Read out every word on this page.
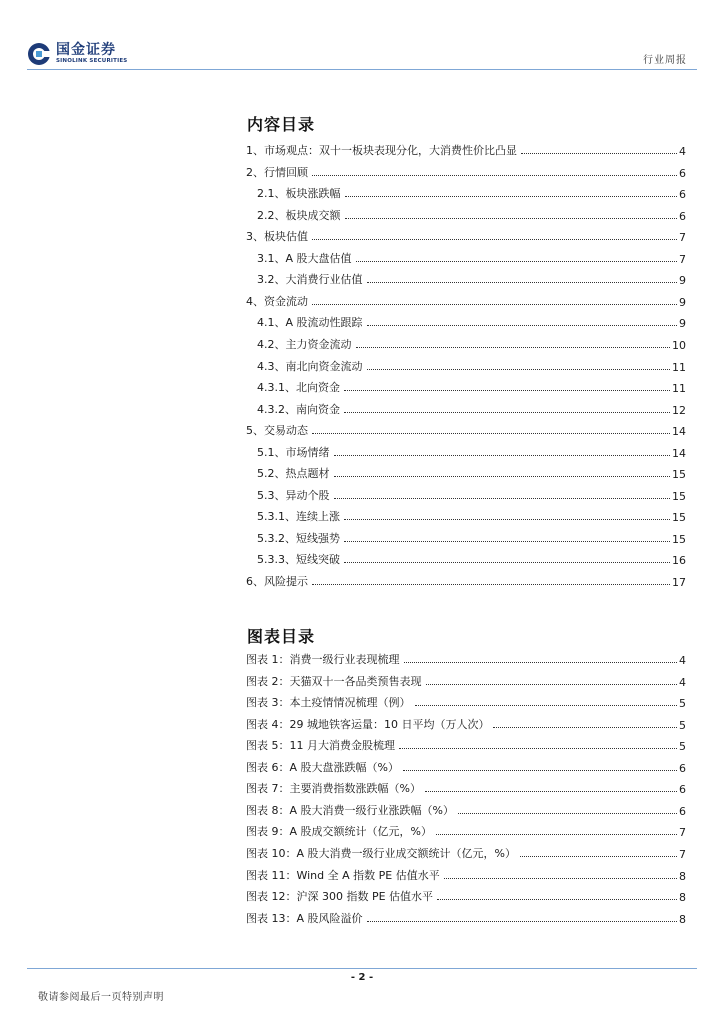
国金证券
SINOLINK SECURITIES	行业周报
内容目录
1、市场观点：双十一板块表现分化，大消费性价比凸显	4
2、行情回顾	6
2.1、板块涨跌幅	6
2.2、板块成交额	6
3、板块估值	7
3.1、A 股大盘估值	7
3.2、大消费行业估值	9
4、资金流动	9
4.1、A 股流动性跟踪	9
4.2、主力资金流动	10
4.3、南北向资金流动	11
4.3.1、北向资金	11
4.3.2、南向资金	12
5、交易动态	14
5.1、市场情绪	14
5.2、热点题材	15
5.3、异动个股	15
5.3.1、连续上涨	15
5.3.2、短线强势	15
5.3.3、短线突破	16
6、风险提示	17
图表目录
图表 1：消费一级行业表现梳理	4
图表 2：天猫双十一各品类预售表现	4
图表 3：本土疫情情况梳理（例）	5
图表 4：29 城地铁客运量：10 日平均（万人次）	5
图表 5：11 月大消费金股梳理	5
图表 6：A 股大盘涨跌幅（%）	6
图表 7：主要消费指数涨跌幅（%）	6
图表 8：A 股大消费一级行业涨跌幅（%）	6
图表 9：A 股成交额统计（亿元，%）	7
图表 10：A 股大消费一级行业成交额统计（亿元，%）	7
图表 11：Wind 全 A 指数 PE 估值水平	8
图表 12：沪深 300 指数 PE 估值水平	8
图表 13：A 股风险溢价	8
- 2 -
敬请参阅最后一页特别声明
